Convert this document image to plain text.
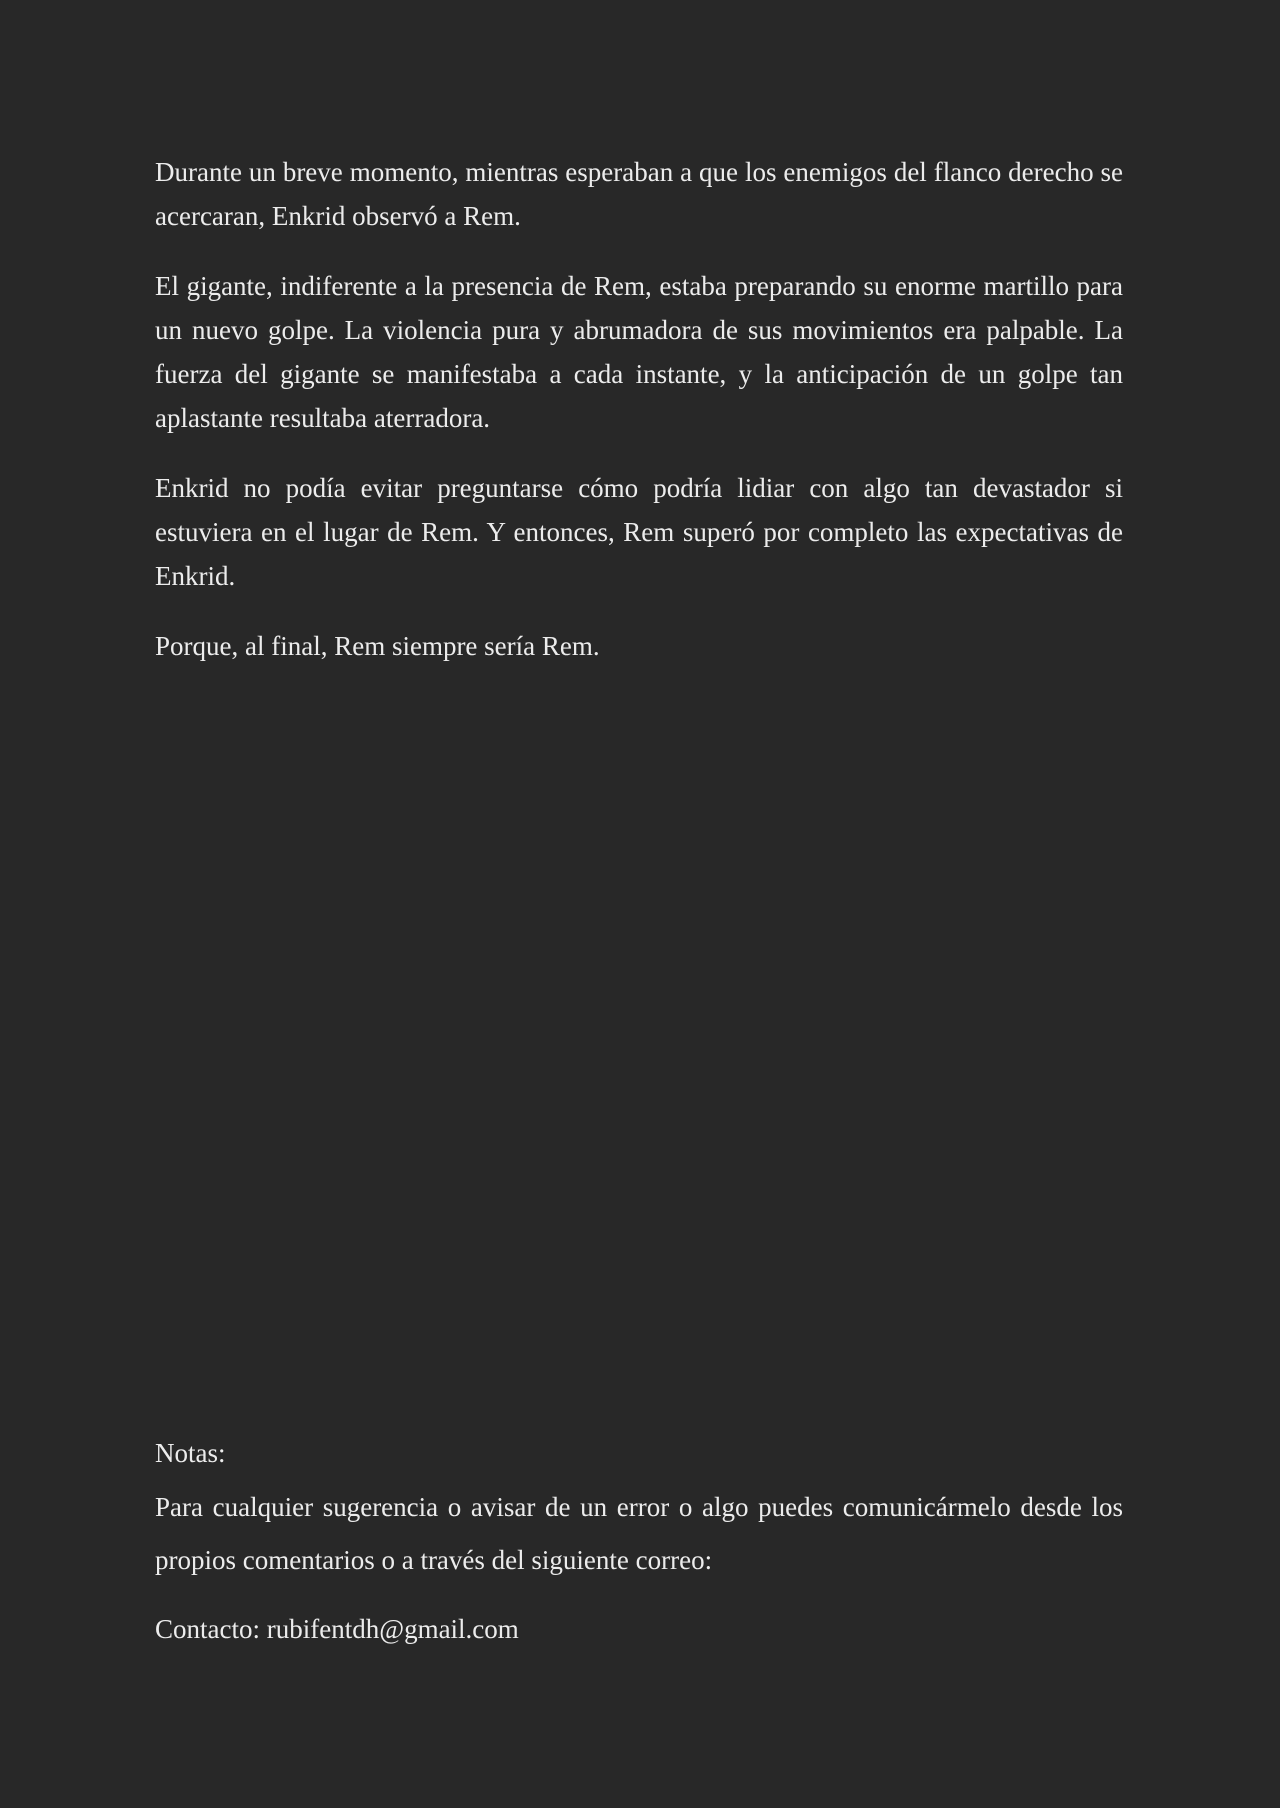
Durante un breve momento, mientras esperaban a que los enemigos del flanco derecho se acercaran, Enkrid observó a Rem.

El gigante, indiferente a la presencia de Rem, estaba preparando su enorme martillo para un nuevo golpe. La violencia pura y abrumadora de sus movimientos era palpable. La fuerza del gigante se manifestaba a cada instante, y la anticipación de un golpe tan aplastante resultaba aterradora.

Enkrid no podía evitar preguntarse cómo podría lidiar con algo tan devastador si estuviera en el lugar de Rem. Y entonces, Rem superó por completo las expectativas de Enkrid.

Porque, al final, Rem siempre sería Rem.

Notas:

Para cualquier sugerencia o avisar de un error o algo puedes comunicármelo desde los propios comentarios o a través del siguiente correo:

Contacto: rubifentdh@gmail.com
